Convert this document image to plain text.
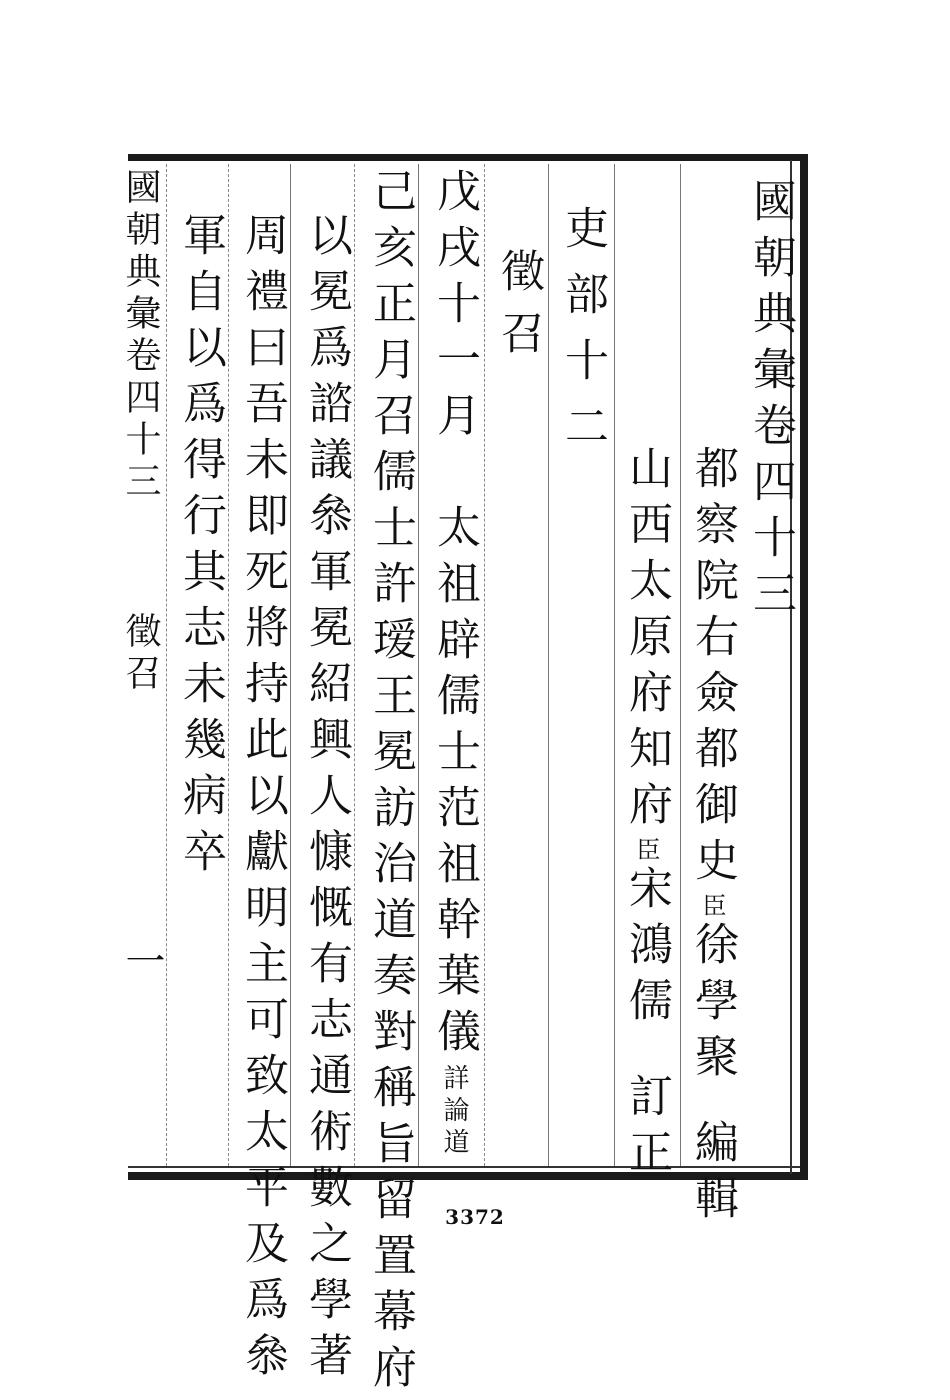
國朝典彙卷四十三
都察院右僉都御史臣徐學聚編輯
山西太原府知府臣宋鴻儒訂正
吏部十二
徵召
戊戌十一月　太祖辟儒士范祖幹葉儀詳論道
己亥正月召儒士許瑷王冕訪治道奏對稱旨留置幕府
以冕爲諮議叅軍冕紹興人慷慨有志通術數之學著
周禮曰吾未即死將持此以獻明主可致太平及爲叅
軍自以爲得行其志未幾病卒
國朝典彙卷四十三
徵召
一
3372
